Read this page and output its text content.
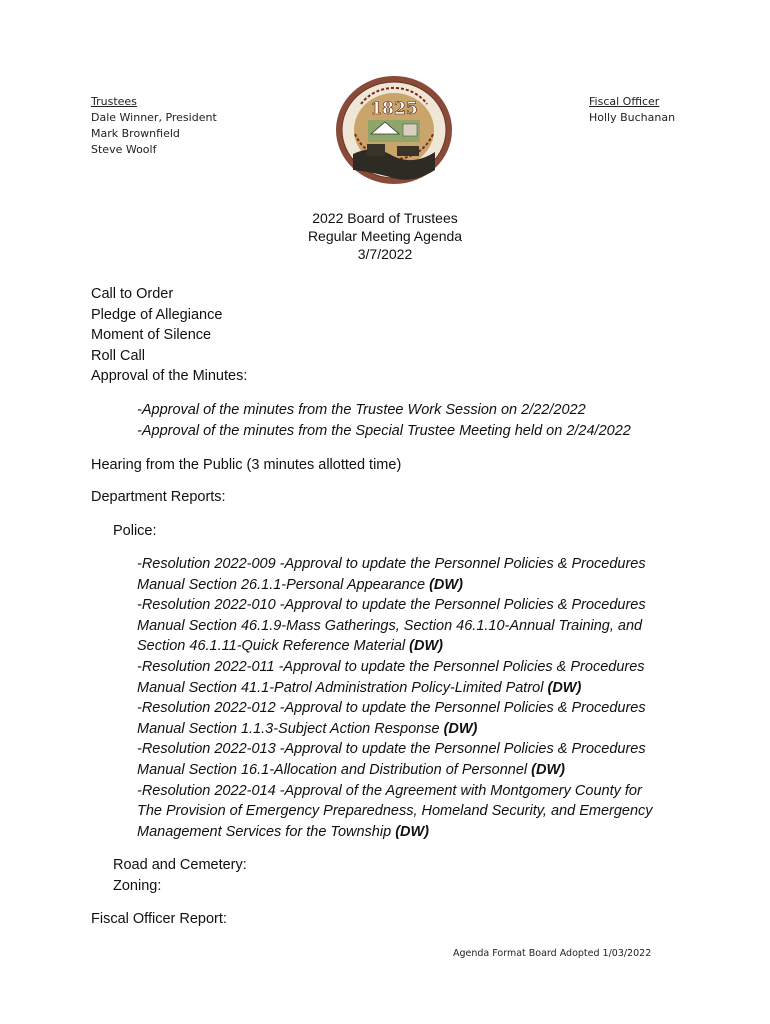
Trustees
Dale Winner, President
Mark Brownfield
Steve Woolf
Fiscal Officer
Holly Buchanan
1825
2022 Board of Trustees
Regular Meeting Agenda
3/7/2022
Call to Order
Pledge of Allegiance
Moment of Silence
Roll Call
Approval of the Minutes:
-Approval of the minutes from the Trustee Work Session on 2/22/2022
-Approval of the minutes from the Special Trustee Meeting held on 2/24/2022
Hearing from the Public (3 minutes allotted time)
Department Reports:
Police:
-Resolution 2022-009 -Approval to update the Personnel Policies & Procedures
Manual Section 26.1.1-Personal Appearance (DW)
-Resolution 2022-010 -Approval to update the Personnel Policies & Procedures
Manual Section 46.1.9-Mass Gatherings, Section 46.1.10-Annual Training, and
Section 46.1.11-Quick Reference Material (DW)
-Resolution 2022-011 -Approval to update the Personnel Policies & Procedures
Manual Section 41.1-Patrol Administration Policy-Limited Patrol (DW)
-Resolution 2022-012 -Approval to update the Personnel Policies & Procedures
Manual Section 1.1.3-Subject Action Response (DW)
-Resolution 2022-013 -Approval to update the Personnel Policies & Procedures
Manual Section 16.1-Allocation and Distribution of Personnel (DW)
-Resolution 2022-014 -Approval of the Agreement with Montgomery County for
The Provision of Emergency Preparedness, Homeland Security, and Emergency
Management Services for the Township (DW)
Road and Cemetery:
Zoning:
Fiscal Officer Report:
Agenda Format Board Adopted 1/03/2022
